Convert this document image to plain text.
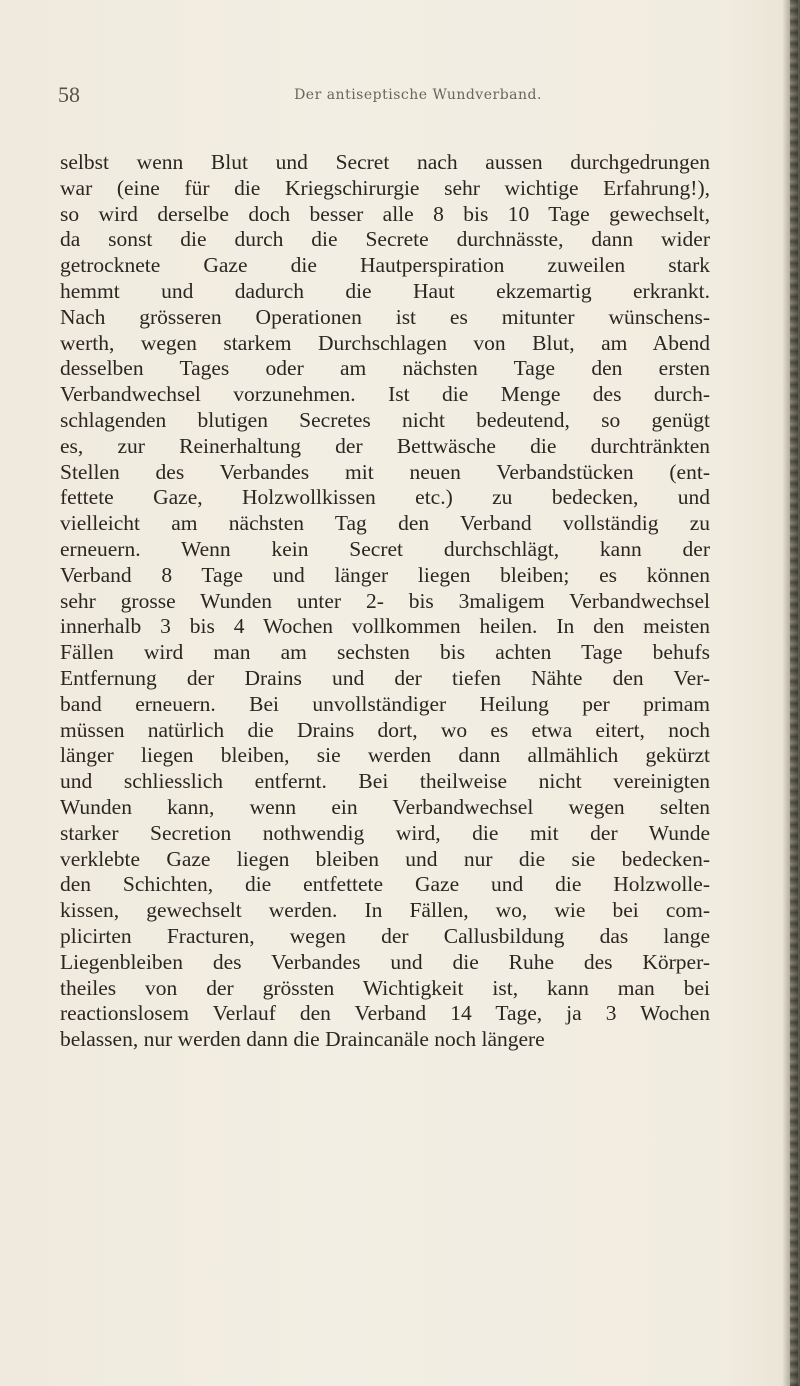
58	Der antiseptische Wundverband.
selbst wenn Blut und Secret nach aussen durchgedrungen
war (eine für die Kriegschirurgie sehr wichtige Erfahrung!),
so wird derselbe doch besser alle 8 bis 10 Tage gewechselt,
da sonst die durch die Secrete durchnässte, dann wider
getrocknete Gaze die Hautperspiration zuweilen stark
hemmt und dadurch die Haut ekzemartig erkrankt.
Nach grösseren Operationen ist es mitunter wünschens-
werth, wegen starkem Durchschlagen von Blut, am Abend
desselben Tages oder am nächsten Tage den ersten
Verbandwechsel vorzunehmen. Ist die Menge des durch-
schlagenden blutigen Secretes nicht bedeutend, so genügt
es, zur Reinerhaltung der Bettwäsche die durchtränkten
Stellen des Verbandes mit neuen Verbandstücken (ent-
fettete Gaze, Holzwollkissen etc.) zu bedecken, und
vielleicht am nächsten Tag den Verband vollständig zu
erneuern. Wenn kein Secret durchschlägt, kann der
Verband 8 Tage und länger liegen bleiben; es können
sehr grosse Wunden unter 2- bis 3maligem Verbandwechsel
innerhalb 3 bis 4 Wochen vollkommen heilen. In den meisten
Fällen wird man am sechsten bis achten Tage behufs
Entfernung der Drains und der tiefen Nähte den Ver-
band erneuern. Bei unvollständiger Heilung per primam
müssen natürlich die Drains dort, wo es etwa eitert, noch
länger liegen bleiben, sie werden dann allmählich gekürzt
und schliesslich entfernt. Bei theilweise nicht vereinigten
Wunden kann, wenn ein Verbandwechsel wegen selten
starker Secretion nothwendig wird, die mit der Wunde
verklebte Gaze liegen bleiben und nur die sie bedecken-
den Schichten, die entfettete Gaze und die Holzwolle-
kissen, gewechselt werden. In Fällen, wo, wie bei com-
plicirten Fracturen, wegen der Callusbildung das lange
Liegenbleiben des Verbandes und die Ruhe des Körper-
theiles von der grössten Wichtigkeit ist, kann man bei
reactionslosem Verlauf den Verband 14 Tage, ja 3 Wochen
belassen, nur werden dann die Draincanäle noch längere
